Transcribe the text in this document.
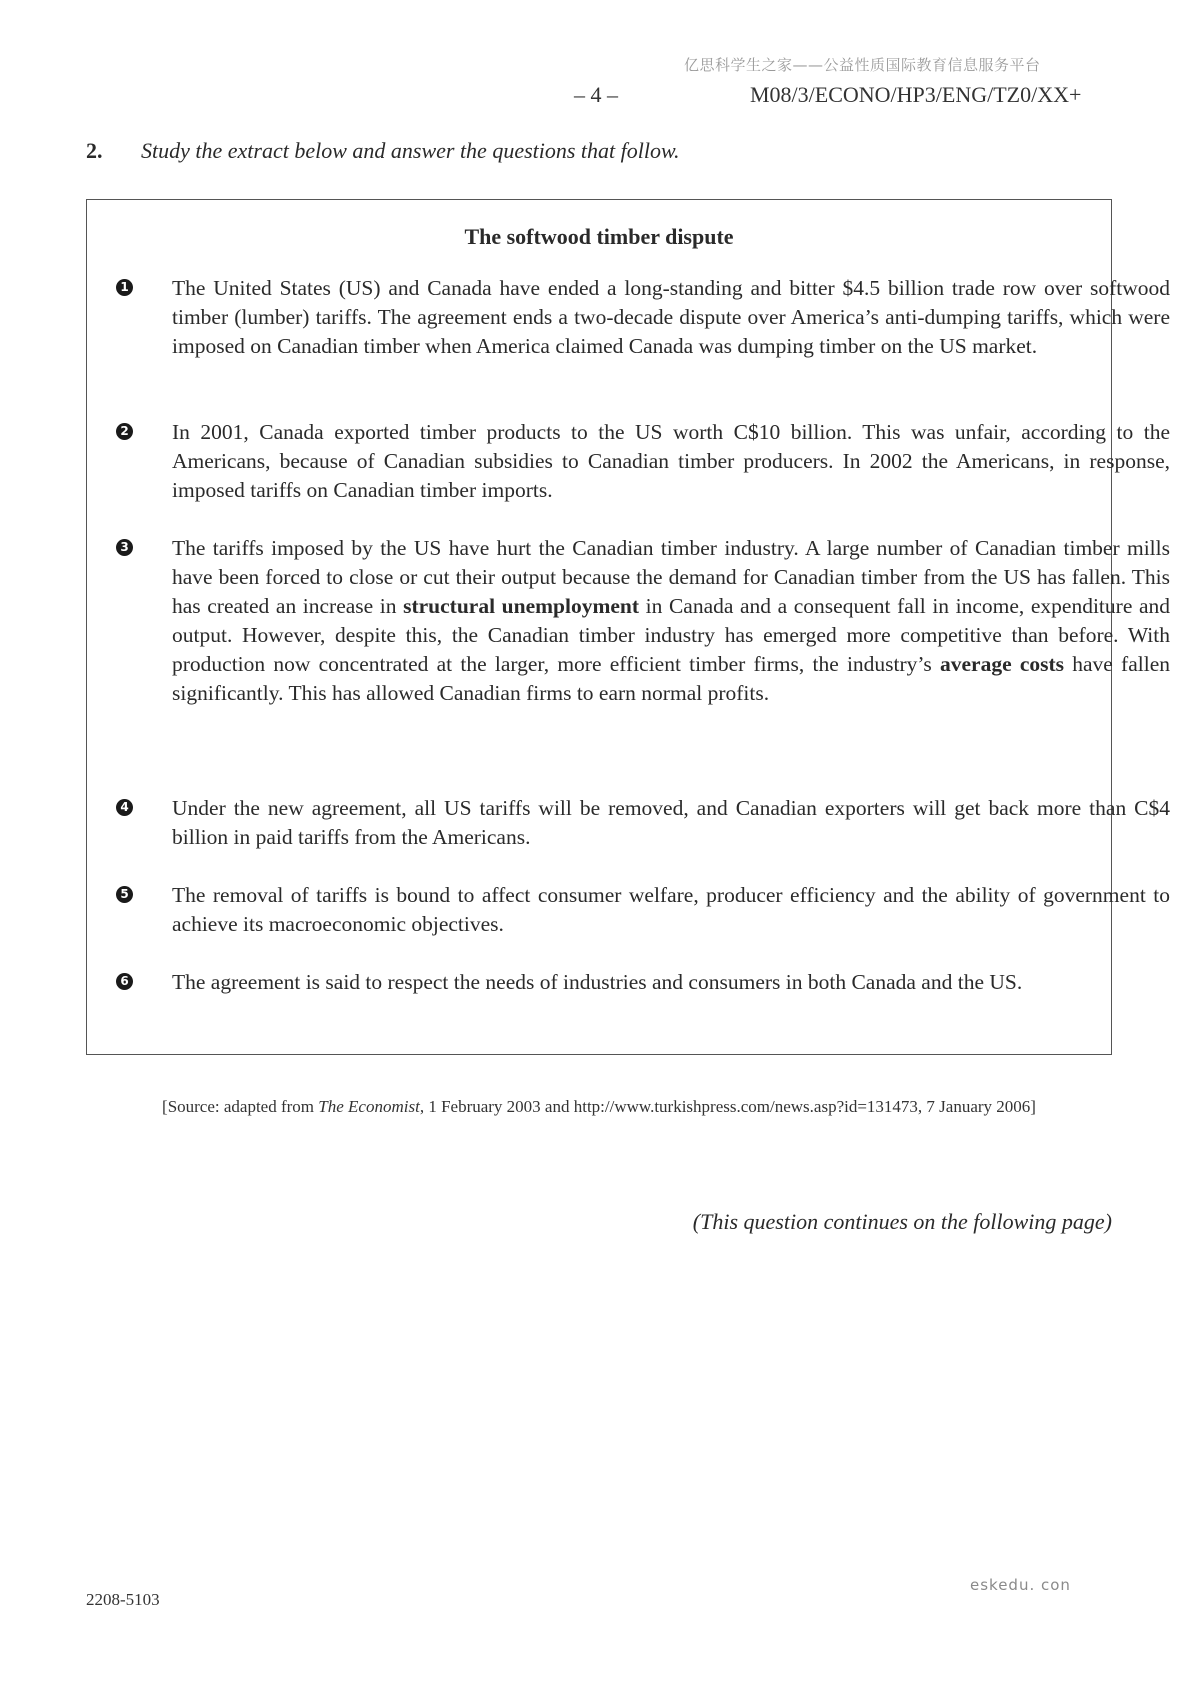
亿思科学生之家——公益性质国际教育信息服务平台
– 4 –	M08/3/ECONO/HP3/ENG/TZ0/XX+
2. Study the extract below and answer the questions that follow.
The softwood timber dispute
1 The United States (US) and Canada have ended a long-standing and bitter $4.5 billion trade row over softwood timber (lumber) tariffs. The agreement ends a two-decade dispute over America’s anti-dumping tariffs, which were imposed on Canadian timber when America claimed Canada was dumping timber on the US market.

2 In 2001, Canada exported timber products to the US worth C$10 billion. This was unfair, according to the Americans, because of Canadian subsidies to Canadian timber producers. In 2002 the Americans, in response, imposed tariffs on Canadian timber imports.

3 The tariffs imposed by the US have hurt the Canadian timber industry. A large number of Canadian timber mills have been forced to close or cut their output because the demand for Canadian timber from the US has fallen. This has created an increase in structural unemployment in Canada and a consequent fall in income, expenditure and output. However, despite this, the Canadian timber industry has emerged more competitive than before. With production now concentrated at the larger, more efficient timber firms, the industry’s average costs have fallen significantly. This has allowed Canadian firms to earn normal profits.

4 Under the new agreement, all US tariffs will be removed, and Canadian exporters will get back more than C$4 billion in paid tariffs from the Americans.

5 The removal of tariffs is bound to affect consumer welfare, producer efficiency and the ability of government to achieve its macroeconomic objectives.

6 The agreement is said to respect the needs of industries and consumers in both Canada and the US.

[Source: adapted from The Economist, 1 February 2003 and http://www.turkishpress.com/news.asp?id=131473, 7 January 2006]
(This question continues on the following page)
eskedu. con
2208-5103
